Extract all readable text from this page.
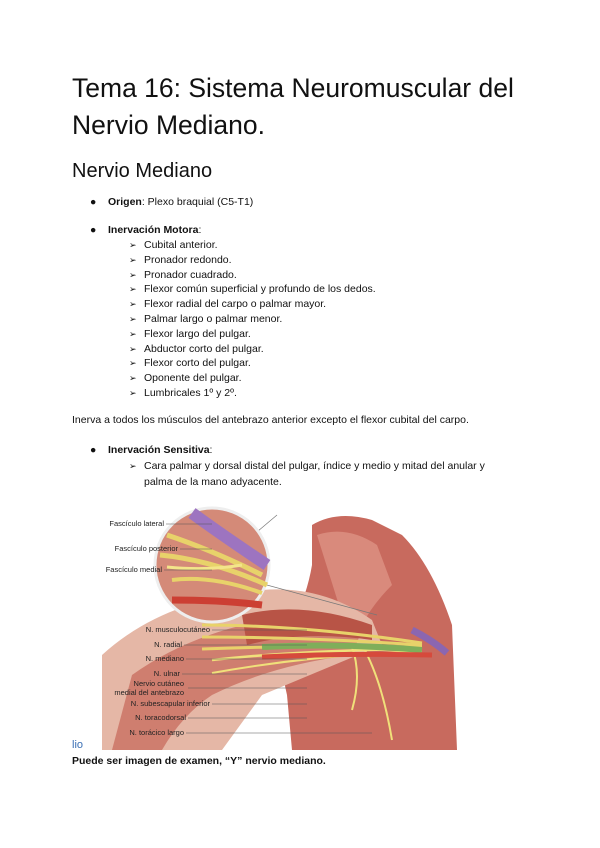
Tema 16: Sistema Neuromuscular del Nervio Mediano.
Nervio Mediano
● Origen: Plexo braquial (C5-T1)
● Inervación Motora:
➢ Cubital anterior.
➢ Pronador redondo.
➢ Pronador cuadrado.
➢ Flexor común superficial y profundo de los dedos.
➢ Flexor radial del carpo o palmar mayor.
➢ Palmar largo o palmar menor.
➢ Flexor largo del pulgar.
➢ Abductor corto del pulgar.
➢ Flexor corto del pulgar.
➢ Oponente del pulgar.
➢ Lumbricales 1º y 2º.
Inerva a todos los músculos del antebrazo anterior excepto el flexor cubital del carpo.
● Inervación Sensitiva:
➢ Cara palmar y dorsal distal del pulgar, índice y medio y mitad del anular y palma de la mano adyacente.
Fascículo lateral
Fascículo posterior
Fascículo medial
N. musculocutáneo
N. radial
N. mediano
N. ulnar
Nervio cutáneo
medial del antebrazo
N. subescapular inferior
N. toracodorsal
N. torácico largo
lio
Puede ser imagen de examen, “Y” nervio mediano.
